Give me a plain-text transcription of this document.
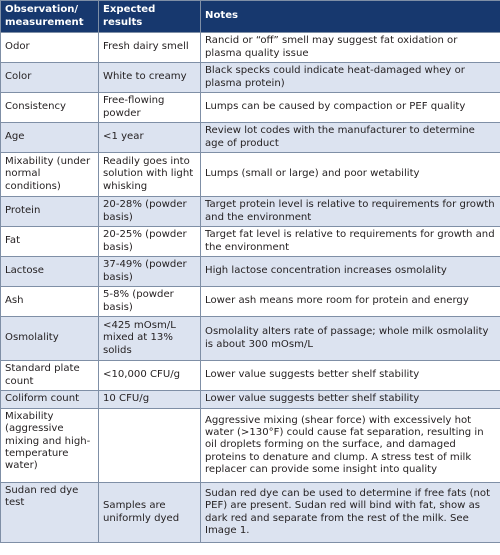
Observation/
measurement	Expected results	Notes
Odor	Fresh dairy smell	Rancid or “off” smell may suggest fat oxidation or plasma quality issue
Color	White to creamy	Black specks could indicate heat-damaged whey or plasma protein)
Consistency	Free-flowing powder	Lumps can be caused by compaction or PEF quality
Age	<1 year	Review lot codes with the manufacturer to determine age of product
Mixability (under normal conditions)	Readily goes into solution with light whisking	Lumps (small or large) and poor wetability
Protein	20-28% (powder basis)	Target protein level is relative to requirements for growth and the environment
Fat	20-25% (powder basis)	Target fat level is relative to requirements for growth and the environment
Lactose	37-49% (powder basis)	High lactose concentration increases osmolality
Ash	5-8% (powder basis)	Lower ash means more room for protein and energy
Osmolality	<425 mOsm/L mixed at 13% solids	Osmolality alters rate of passage; whole milk osmolality is about 300 mOsm/L
Standard plate count	<10,000 CFU/g	Lower value suggests better shelf stability
Coliform count	10 CFU/g	Lower value suggests better shelf stability
Mixability (aggressive mixing and high-temperature water)		Aggressive mixing (shear force) with excessively hot water (>130°F) could cause fat separation, resulting in oil droplets forming on the surface, and damaged proteins to denature and clump. A stress test of milk replacer can provide some insight into quality
Sudan red dye test	Samples are uniformly dyed	Sudan red dye can be used to determine if free fats (not PEF) are present. Sudan red will bind with fat, show as dark red and separate from the rest of the milk. See Image 1.
